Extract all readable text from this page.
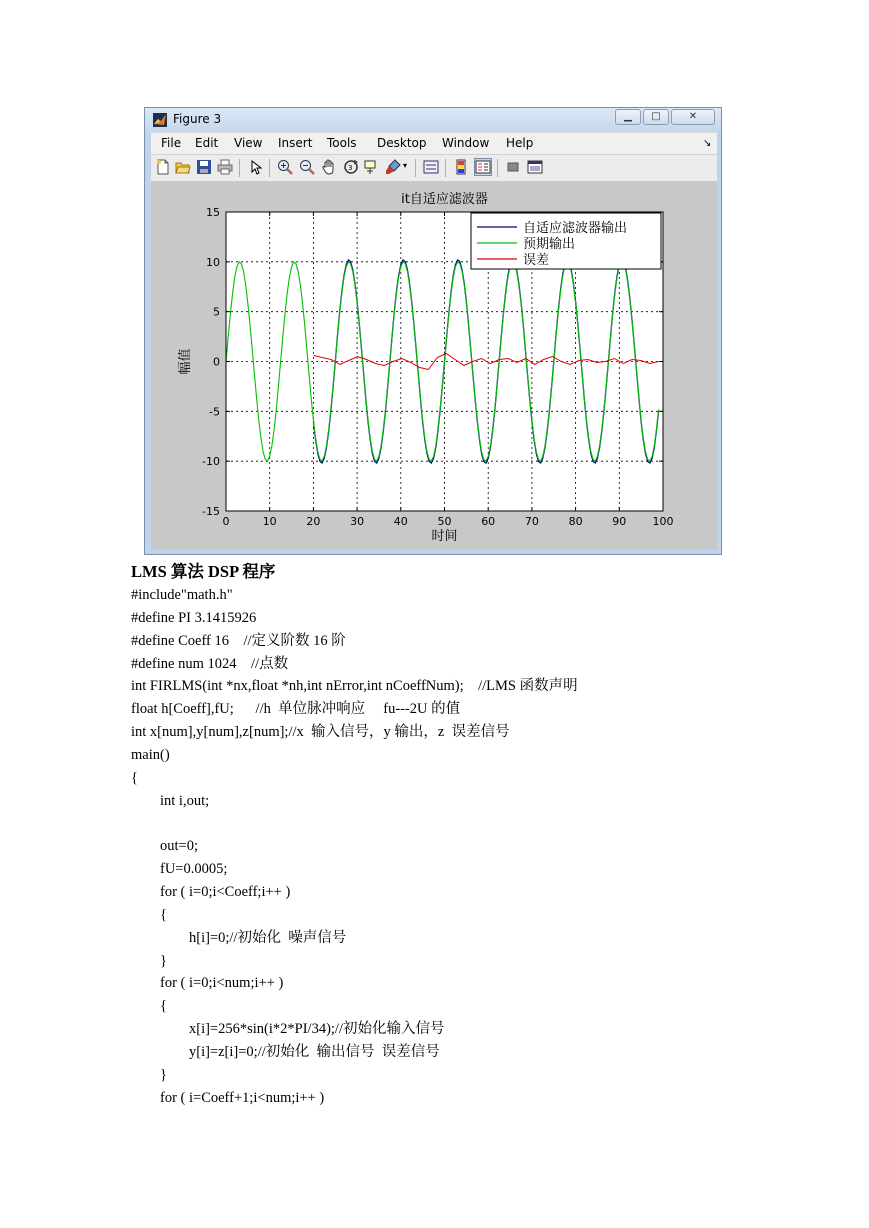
Figure 3	▁	□	✕
File Edit View Insert Tools Desktop Window Help	↘
3	▾
0	10	20	30	40	50	60	70	80	90 100
-15
-10
-5
0
5
10
15
自适应滤波器输出
预期输出
误差
it自适应滤波器
时间
幅值
LMS 算法 DSP 程序
#include"math.h"
#define PI 3.1415926
#define Coeff 16    //定义阶数 16 阶
#define num 1024    //点数
int FIRLMS(int *nx,float *nh,int nError,int nCoeffNum);    //LMS 函数声明
float h[Coeff],fU;      //h  单位脉冲响应     fu---2U 的值
int x[num],y[num],z[num];//x  输入信号，y 输出，z  误差信号
main()
{
int i,out;
out=0;
fU=0.0005;
for ( i=0;i<Coeff;i++ )
{
h[i]=0;//初始化  噪声信号
}
for ( i=0;i<num;i++ )
{
x[i]=256*sin(i*2*PI/34);//初始化输入信号
y[i]=z[i]=0;//初始化  输出信号  误差信号
}
for ( i=Coeff+1;i<num;i++ )
